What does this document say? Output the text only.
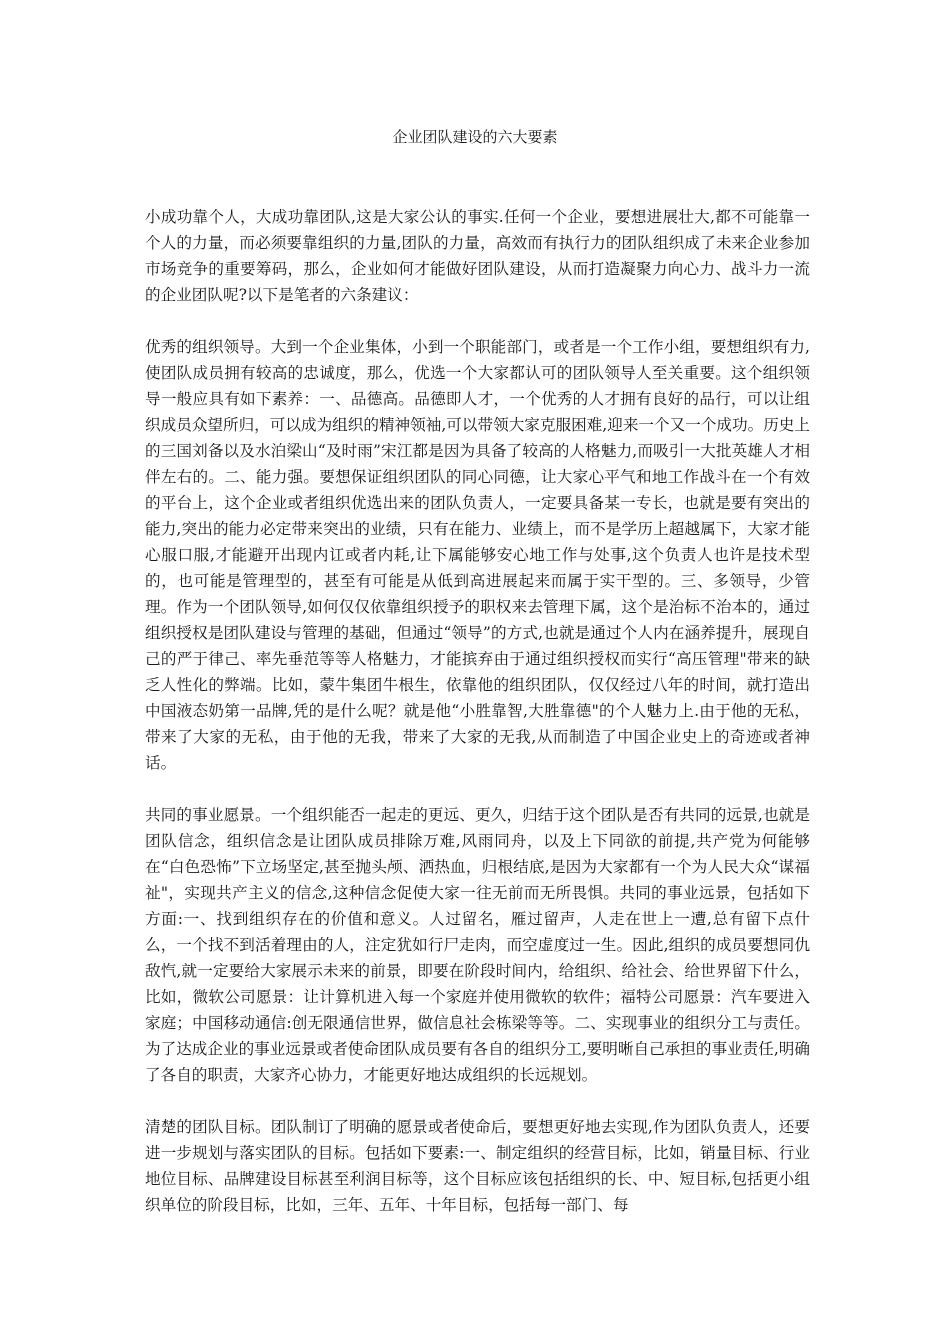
企业团队建设的六大要素

小成功靠个人，大成功靠团队,这是大家公认的事实.任何一个企业，要想进展壮大,都不可能靠一个人的力量，而必须要靠组织的力量,团队的力量，高效而有执行力的团队组织成了未来企业参加市场竞争的重要筹码，那么，企业如何才能做好团队建设，从而打造凝聚力向心力、战斗力一流的企业团队呢?以下是笔者的六条建议：

优秀的组织领导。大到一个企业集体，小到一个职能部门，或者是一个工作小组，要想组织有力,使团队成员拥有较高的忠诚度，那么，优选一个大家都认可的团队领导人至关重要。这个组织领导一般应具有如下素养：一、品德高。品德即人才，一个优秀的人才拥有良好的品行，可以让组织成员众望所归，可以成为组织的精神领袖,可以带领大家克服困难,迎来一个又一个成功。历史上的三国刘备以及水泊梁山“及时雨”宋江都是因为具备了较高的人格魅力,而吸引一大批英雄人才相伴左右的。二、能力强。要想保证组织团队的同心同德，让大家心平气和地工作战斗在一个有效的平台上，这个企业或者组织优选出来的团队负责人，一定要具备某一专长，也就是要有突出的能力,突出的能力必定带来突出的业绩，只有在能力、业绩上，而不是学历上超越属下，大家才能心服口服,才能避开出现内讧或者内耗,让下属能够安心地工作与处事,这个负责人也许是技术型的，也可能是管理型的，甚至有可能是从低到高进展起来而属于实干型的。三、多领导，少管理。作为一个团队领导,如何仅仅依靠组织授予的职权来去管理下属，这个是治标不治本的，通过组织授权是团队建设与管理的基础，但通过“领导”的方式,也就是通过个人内在涵养提升，展现自己的严于律己、率先垂范等等人格魅力，才能摈弃由于通过组织授权而实行“高压管理"带来的缺乏人性化的弊端。比如，蒙牛集团牛根生，依靠他的组织团队，仅仅经过八年的时间，就打造出中国液态奶第一品牌,凭的是什么呢？就是他“小胜靠智,大胜靠德"的个人魅力上.由于他的无私，带来了大家的无私，由于他的无我，带来了大家的无我,从而制造了中国企业史上的奇迹或者神话。

共同的事业愿景。一个组织能否一起走的更远、更久，归结于这个团队是否有共同的远景,也就是团队信念，组织信念是让团队成员排除万难,风雨同舟，以及上下同欲的前提,共产党为何能够在“白色恐怖”下立场坚定,甚至抛头颅、洒热血，归根结底,是因为大家都有一个为人民大众“谋福祉"，实现共产主义的信念,这种信念促使大家一往无前而无所畏惧。共同的事业远景，包括如下方面:一、找到组织存在的价值和意义。人过留名，雁过留声，人走在世上一遭,总有留下点什么，一个找不到活着理由的人，注定犹如行尸走肉，而空虚度过一生。因此,组织的成员要想同仇敌忾,就一定要给大家展示未来的前景，即要在阶段时间内，给组织、给社会、给世界留下什么，比如，微软公司愿景：让计算机进入每一个家庭并使用微软的软件；福特公司愿景：汽车要进入家庭；中国移动通信:创无限通信世界，做信息社会栋梁等等。二、实现事业的组织分工与责任。为了达成企业的事业远景或者使命团队成员要有各自的组织分工,要明晰自己承担的事业责任,明确了各自的职责，大家齐心协力，才能更好地达成组织的长远规划。

清楚的团队目标。团队制订了明确的愿景或者使命后，要想更好地去实现,作为团队负责人，还要进一步规划与落实团队的目标。包括如下要素:一、制定组织的经营目标，比如，销量目标、行业地位目标、品牌建设目标甚至利润目标等，这个目标应该包括组织的长、中、短目标,包括更小组织单位的阶段目标，比如，三年、五年、十年目标，包括每一部门、每
